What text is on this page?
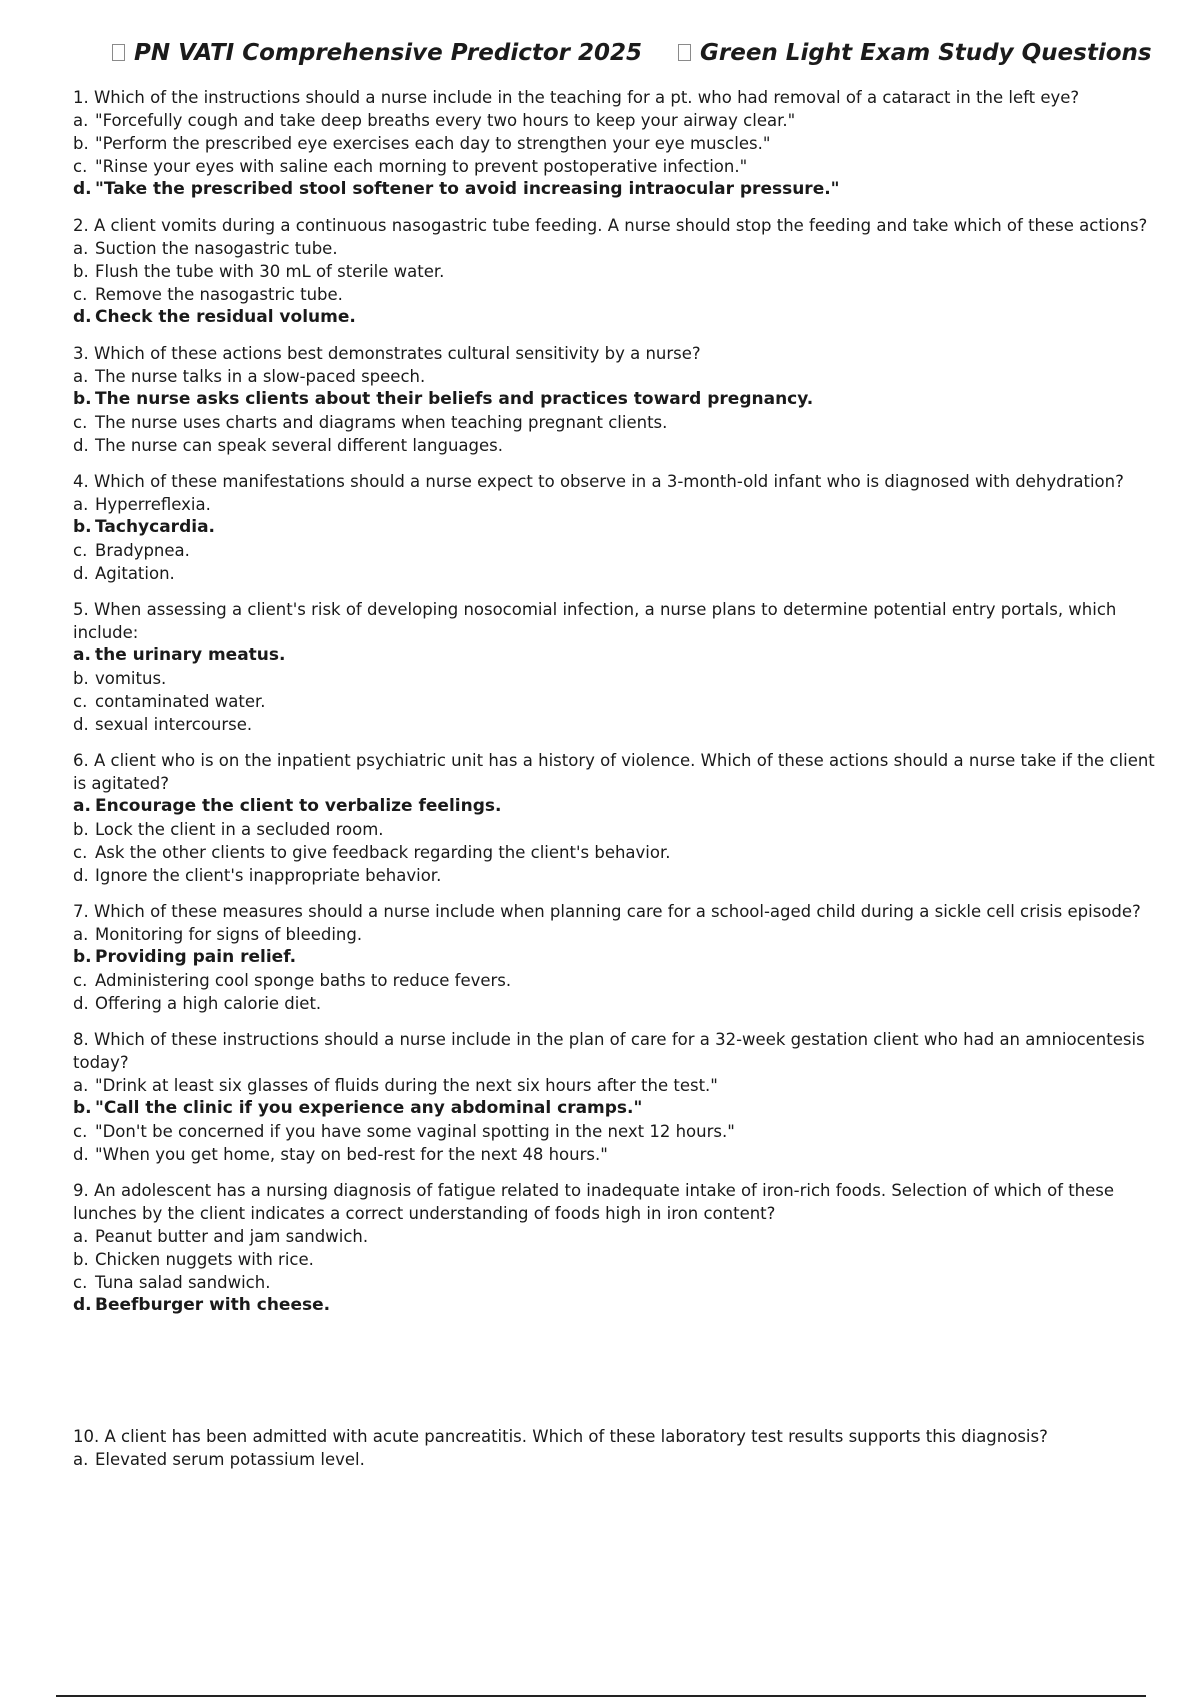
PN VATI Comprehensive Predictor 2025	Green Light Exam Study Questions

1. Which of the instructions should a nurse include in the teaching for a pt. who had removal of a cataract in the left eye?

a. "Forcefully cough and take deep breaths every two hours to keep your airway clear."

b. "Perform the prescribed eye exercises each day to strengthen your eye muscles."

c. "Rinse your eyes with saline each morning to prevent postoperative infection."

d. "Take the prescribed stool softener to avoid increasing intraocular pressure."

2. A client vomits during a continuous nasogastric tube feeding. A nurse should stop the feeding and take which of these actions?

a. Suction the nasogastric tube.

b. Flush the tube with 30 mL of sterile water.

c. Remove the nasogastric tube.

d. Check the residual volume.

3. Which of these actions best demonstrates cultural sensitivity by a nurse?

a. The nurse talks in a slow-paced speech.

b. The nurse asks clients about their beliefs and practices toward pregnancy.

c. The nurse uses charts and diagrams when teaching pregnant clients.

d. The nurse can speak several different languages.

4. Which of these manifestations should a nurse expect to observe in a 3-month-old infant who is diagnosed with dehydration?

a. Hyperreflexia.

b. Tachycardia.

c. Bradypnea.

d. Agitation.

5. When assessing a client's risk of developing nosocomial infection, a nurse plans to determine potential entry portals, which include:

a. the urinary meatus.

b. vomitus.

c. contaminated water.

d. sexual intercourse.

6. A client who is on the inpatient psychiatric unit has a history of violence. Which of these actions should a nurse take if the client is agitated?

a. Encourage the client to verbalize feelings.

b. Lock the client in a secluded room.

c. Ask the other clients to give feedback regarding the client's behavior.

d. Ignore the client's inappropriate behavior.

7. Which of these measures should a nurse include when planning care for a school-aged child during a sickle cell crisis episode?

a. Monitoring for signs of bleeding.

b. Providing pain relief.

c. Administering cool sponge baths to reduce fevers.

d. Offering a high calorie diet.

8. Which of these instructions should a nurse include in the plan of care for a 32-week gestation client who had an amniocentesis today?

a. "Drink at least six glasses of fluids during the next six hours after the test."

b. "Call the clinic if you experience any abdominal cramps."

c. "Don't be concerned if you have some vaginal spotting in the next 12 hours."

d. "When you get home, stay on bed-rest for the next 48 hours."

9. An adolescent has a nursing diagnosis of fatigue related to inadequate intake of iron-rich foods. Selection of which of these lunches by the client indicates a correct understanding of foods high in iron content?

a. Peanut butter and jam sandwich.

b. Chicken nuggets with rice.

c. Tuna salad sandwich.

d. Beefburger with cheese.

10. A client has been admitted with acute pancreatitis. Which of these laboratory test results supports this diagnosis?

a. Elevated serum potassium level.
